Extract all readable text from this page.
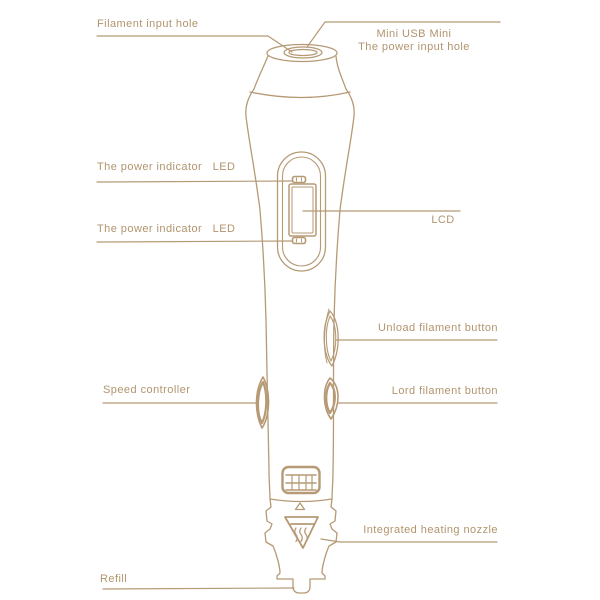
Filament input hole
Mini USB Mini
The power input hole
The power indicator   LED
The power indicator   LED
LCD
Unload filament button
Lord filament button
Speed controller
Integrated heating nozzle
Refill
